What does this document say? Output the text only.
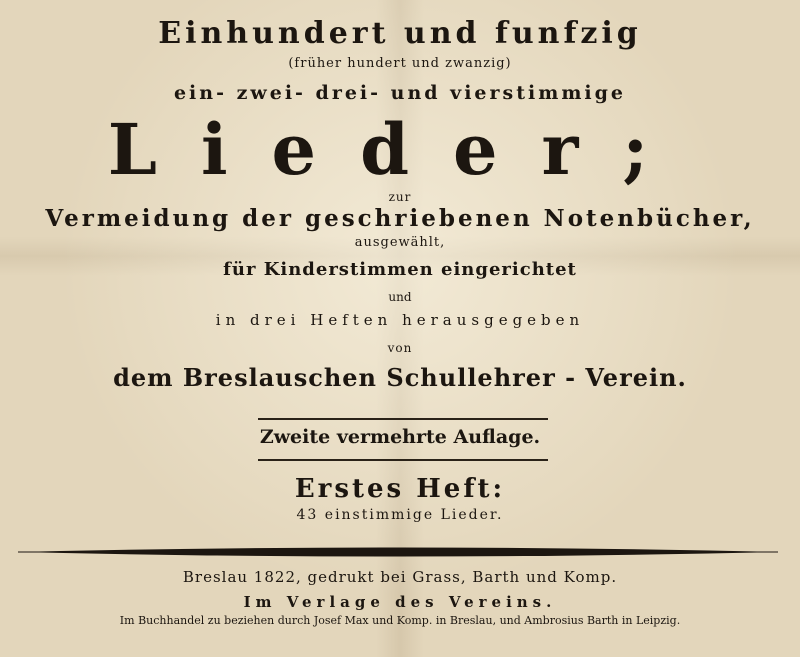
Einhundert und funfzig
(früher hundert und zwanzig)
ein- zwei- drei- und vierstimmige
Lieder;
zur
Vermeidung der geschriebenen Notenbücher,
ausgewählt,
für Kinderstimmen eingerichtet
und
in drei Heften herausgegeben
von
dem Breslauschen Schullehrer - Verein.
Zweite vermehrte Auflage.
Erstes Heft:
43 einstimmige Lieder.
Breslau 1822, gedrukt bei Grass, Barth und Komp.
Im Verlage des Vereins.
Im Buchhandel zu beziehen durch Josef Max und Komp. in Breslau, und Ambrosius Barth in Leipzig.
